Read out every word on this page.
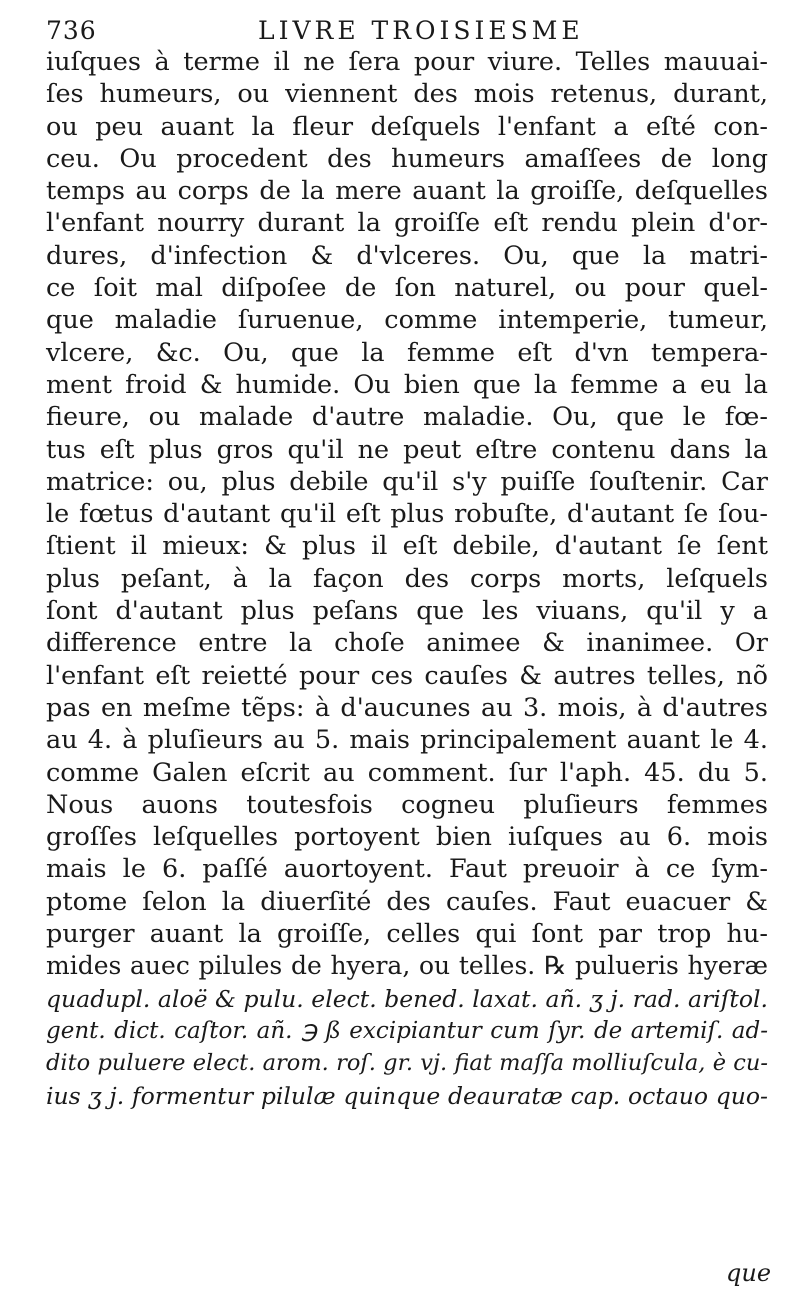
736	LIVRE TROISIESME
iuſques à terme il ne ſera pour viure. Telles mauuai-
ſes humeurs, ou viennent des mois retenus, durant,
ou peu auant la fleur deſquels l'enfant a eſté con-
ceu. Ou procedent des humeurs amaſſees de long
temps au corps de la mere auant la groiſſe, deſquelles
l'enfant nourry durant la groiſſe eſt rendu plein d'or-
dures, d'infection & d'vlceres. Ou, que la matri-
ce ſoit mal diſpoſee de ſon naturel, ou pour quel-
que maladie ſuruenue, comme intemperie, tumeur,
vlcere, &c. Ou, que la femme eſt d'vn tempera-
ment froid & humide. Ou bien que la femme a eu la
fieure, ou malade d'autre maladie. Ou, que le fœ-
tus eſt plus gros qu'il ne peut eſtre contenu dans la
matrice: ou, plus debile qu'il s'y puiſſe ſouſtenir. Car
le fœtus d'autant qu'il eſt plus robuſte, d'autant ſe ſou-
ſtient il mieux: & plus il eſt debile, d'autant ſe ſent
plus peſant, à la façon des corps morts, leſquels
ſont d'autant plus peſans que les viuans, qu'il y a
difference entre la choſe animee & inanimee. Or
l'enfant eſt reietté pour ces cauſes & autres telles, nõ
pas en meſme tẽps: à d'aucunes au 3. mois, à d'autres
au 4. à pluſieurs au 5. mais principalement auant le 4.
comme Galen eſcrit au comment. ſur l'aph. 45. du 5.
Nous auons toutesfois cogneu pluſieurs femmes
groſſes leſquelles portoyent bien iuſques au 6. mois
mais le 6. paſſé auortoyent. Faut preuoir à ce ſym-
ptome ſelon la diuerſité des cauſes. Faut euacuer &
purger auant la groiſſe, celles qui ſont par trop hu-
mides auec pilules de hyera, ou telles. ℞ pulueris hyeræ
quadupl. aloë & pulu. elect. bened. laxat. añ. ʒ j. rad. ariſtol.
gent. dict. caſtor. añ. ℈ ß excipiantur cum ſyr. de artemiſ. ad-
dito puluere elect. arom. roſ. gr. vj. fiat maſſa molliuſcula, è cu-
ius ʒ j. formentur pilulæ quinque deauratæ cap. octauo quo-
que
